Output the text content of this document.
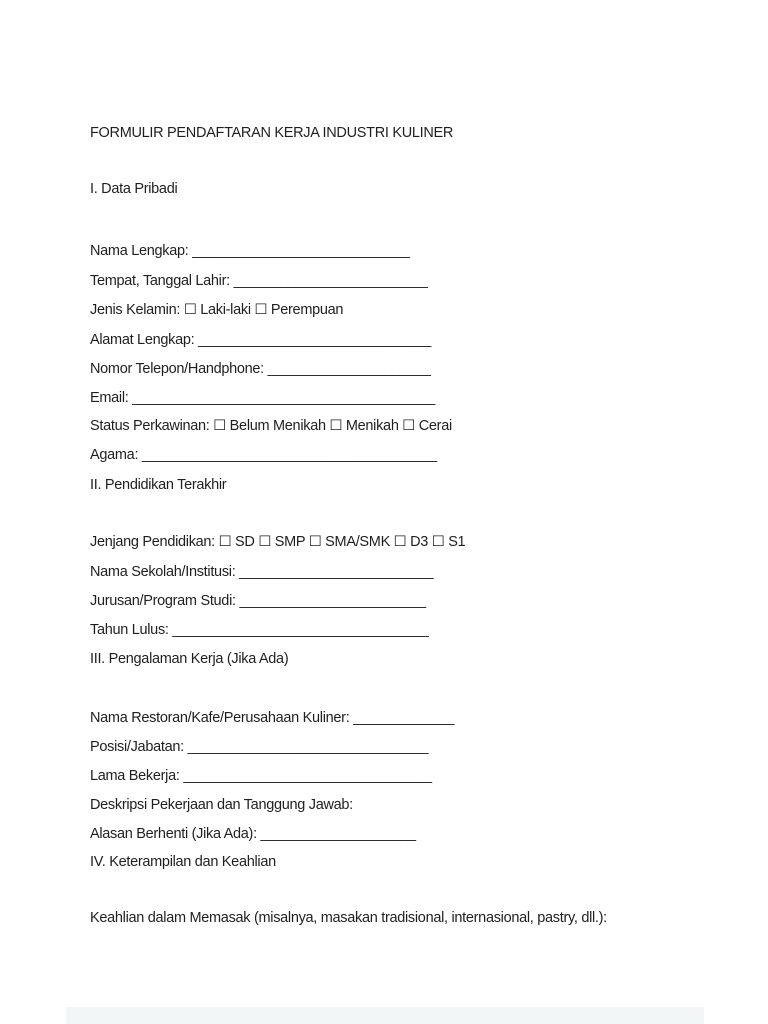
FORMULIR PENDAFTARAN KERJA INDUSTRI KULINER
I. Data Pribadi
Nama Lengkap: ____________________________
Tempat, Tanggal Lahir: _________________________
Jenis Kelamin: ☐ Laki-laki ☐ Perempuan
Alamat Lengkap: ______________________________
Nomor Telepon/Handphone: _____________________
Email: _______________________________________
Status Perkawinan: ☐ Belum Menikah ☐ Menikah ☐ Cerai
Agama: ______________________________________
II. Pendidikan Terakhir
Jenjang Pendidikan: ☐ SD ☐ SMP ☐ SMA/SMK ☐ D3 ☐ S1
Nama Sekolah/Institusi: _________________________
Jurusan/Program Studi: ________________________
Tahun Lulus: _________________________________
III. Pengalaman Kerja (Jika Ada)
Nama Restoran/Kafe/Perusahaan Kuliner: _____________
Posisi/Jabatan: _______________________________
Lama Bekerja: ________________________________
Deskripsi Pekerjaan dan Tanggung Jawab:
Alasan Berhenti (Jika Ada): ____________________
IV. Keterampilan dan Keahlian
Keahlian dalam Memasak (misalnya, masakan tradisional, internasional, pastry, dll.):
